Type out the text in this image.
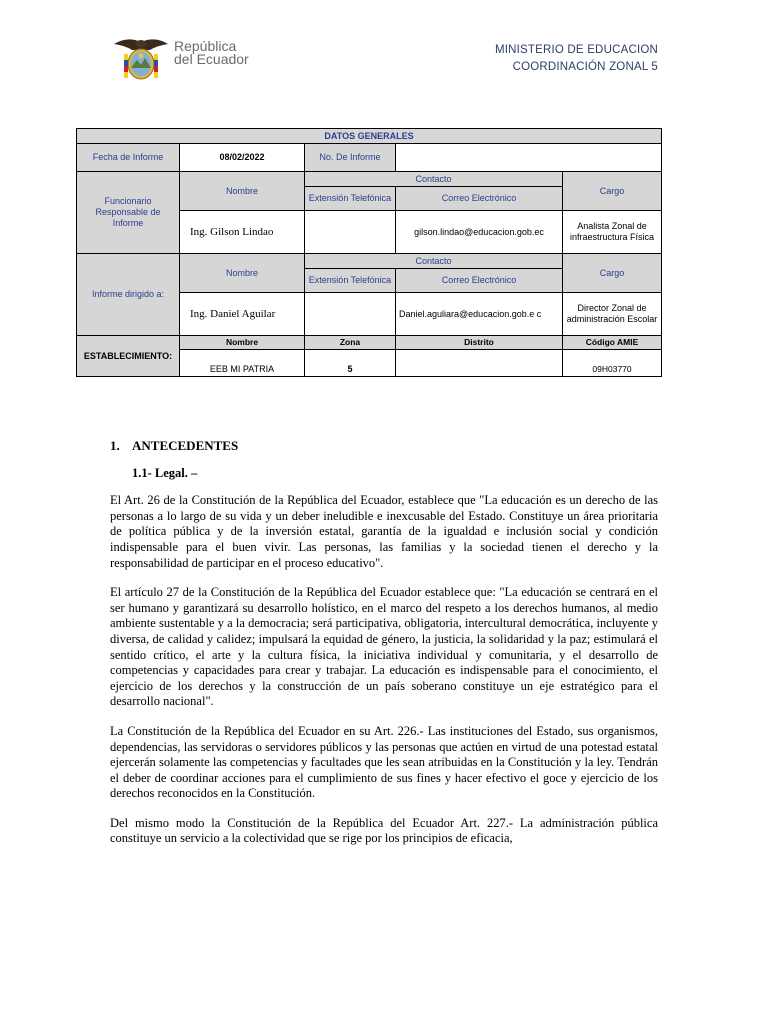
República
del Ecuador
MINISTERIO DE EDUCACION
COORDINACIÓN ZONAL 5
DATOS GENERALES				
Fecha de Informe	08/02/2022	No. De Informe		
Funcionario Responsable de Informe	Nombre	Contacto		Cargo
		Extensión Telefónica	Correo Electrónico	
	Ing. Gilson Lindao		gilson.lindao@educacion.gob.ec	Analista Zonal de infraestructura Física
Informe dirigido a:	Nombre	Contacto		Cargo
		Extensión Telefónica	Correo Electrónico	
	Ing. Daniel Aguilar		Daniel.aguliara@educacion.gob.e c	Director Zonal de administración Escolar
ESTABLECIMIENTO:	Nombre	Zona	Distrito	Código AMIE
	EEB MI PATRIA	5		09H03770
1. ANTECEDENTES
1.1- Legal. –

El Art. 26 de la Constitución de la República del Ecuador, establece que "La educación es un derecho de las personas a lo largo de su vida y un deber ineludible e inexcusable del Estado. Constituye un área prioritaria de política pública y de la inversión estatal, garantía de la igualdad e inclusión social y condición indispensable para el buen vivir. Las personas, las familias y la sociedad tienen el derecho y la responsabilidad de participar en el proceso educativo".

El artículo 27 de la Constitución de la República del Ecuador establece que: "La educación se centrará en el ser humano y garantizará su desarrollo holístico, en el marco del respeto a los derechos humanos, al medio ambiente sustentable y a la democracia; será participativa, obligatoria, intercultural democrática, incluyente y diversa, de calidad y calidez; impulsará la equidad de género, la justicia, la solidaridad y la paz; estimulará el sentido crítico, el arte y la cultura física, la iniciativa individual y comunitaria, y el desarrollo de competencias y capacidades para crear y trabajar. La educación es indispensable para el conocimiento, el ejercicio de los derechos y la construcción de un país soberano constituye un eje estratégico para el desarrollo nacional".

La Constitución de la República del Ecuador en su Art. 226.- Las instituciones del Estado, sus organismos, dependencias, las servidoras o servidores públicos y las personas que actúen en virtud de una potestad estatal ejercerán solamente las competencias y facultades que les sean atribuidas en la Constitución y la ley. Tendrán el deber de coordinar acciones para el cumplimiento de sus fines y hacer efectivo el goce y ejercicio de los derechos reconocidos en la Constitución.

Del mismo modo la Constitución de la República del Ecuador Art. 227.- La administración pública constituye un servicio a la colectividad que se rige por los principios de eficacia,
